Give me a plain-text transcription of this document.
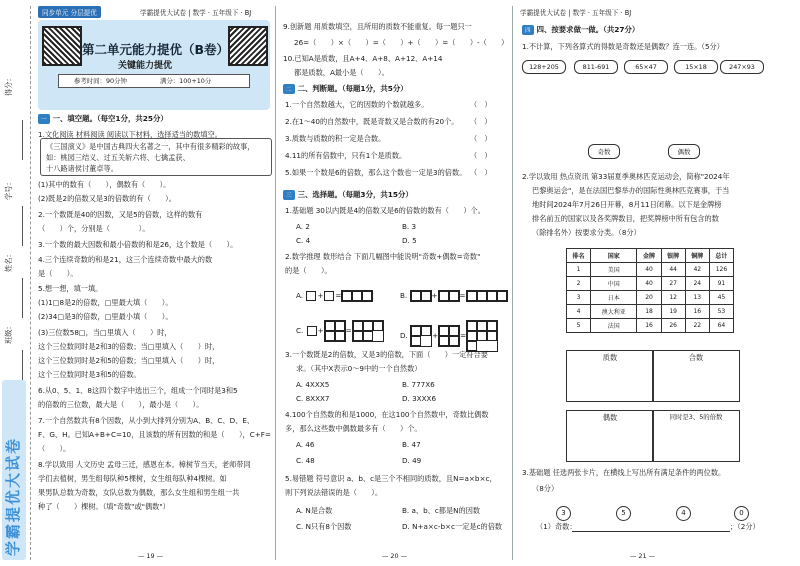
得分：
学号：
姓名：
班级：
学霸提优大试卷
同步单元 分层提优	学霸提优大试卷 | 数学 · 五年级下 · BJ
第二单元能力提优（B卷）
关键能力提优
参考时间：90分钟	满分：100+10分
一 一、填空题。（每空1分，共25分）
1.文化阅读 材料阅读 阅读以下材料，选择适当的数填空。
《三国演义》是中国古典四大名著之一，其中有很多精彩的故事，
如：桃园三结义、过五关斩六将、七擒孟获、
十八路诸侯讨董卓等。
(1)其中的数有（　　），偶数有（　　）。
(2)既是2的倍数又是3的倍数的有（　　）。
2.一个数既是40的因数，又是5的倍数，这样的数有
（　　）个，分别是（　　　　）。
3.一个数的最大因数和最小倍数的和是26，这个数是（　　）。
4.三个连续奇数的和是21，这三个连续奇数中最大的数
是（　　）。
5.想一想，填一填。
(1)1□8是2的倍数，□里最大填（　　）。
(2)34□是3的倍数，□里最小填（　　）。
(3)三位数58□，当□里填入（　　）时，
这个三位数同时是2和3的倍数；当□里填入（　　）时，
这个三位数同时是2和5的倍数；当□里填入（　　）时，
这个三位数同时是3和5的倍数。
6.从0、5、1、8这四个数字中选出三个，组成一个同时是3和5
的倍数的三位数，最大是（　　），最小是（　　）。
7.一个自然数共有8个因数，从小到大排列分别为A、B、C、D、E、
F、G、H。已知A+B+C=10，且该数的所有因数的和是（　　），C+F=
（　　）。
8.学以致用 人文历史 孟母三迁，感恩在本。樟树节当天，老师带同
学们去植树，男生组每队种5棵树，女生组每队种4棵树。如
果男队总数为奇数，女队总数为偶数，那么女生组和男生组一共
种了（　　）棵树。（填"奇数"或"偶数"）
— 19 —
学霸提优大试卷 | 数学 · 五年级下 · BJ
9.创新题 用质数填空，且所用的质数不能重复。每一题只一
26=（　　）×（　　）=（　　）+（　　）=（　　）-（　　）
10.已知A是质数，且A+4、A+8、A+12、A+14
都是质数，A最小是（　　）。
二 二、判断题。（每题1分，共5分）
1.一个自然数越大，它的因数的个数就越多。	（　）
2.在1～40的自然数中，既是奇数又是合数的有20个。 （　）
3.质数与质数的积一定是合数。	（　）
4.11的所有倍数中，只有1个是质数。	（　）
5.如果一个数是6的倍数，那么这个数也一定是3的倍数。 （　）
三 三、选择题。（每题3分，共15分）
1.基础题 30以内既是4的倍数又是6的倍数的数有（　　）个。
A. 2	B. 3
C. 4	D. 5
2.数学推理 数形结合 下面几幅图中能说明"奇数+偶数=奇数"
的是（　　）。
A. + =	B.	+	=
C. +	=
D.	+	=
3.一个数既是2的倍数，又是3的倍数，下面（　　）一定符合要
求。（其中X表示0～9中的一个自然数）
A. 4XXX5	B. 777X6
C. 8XXX7	D. 3XXX6
4.100个自然数的和是1000，在这100个自然数中，奇数比偶数
多，那么这些数中偶数最多有（　　）个。
A. 46	B. 47
C. 48	D. 49
5.易错题 符号意识 a、b、c是三个不相同的质数，且N=a×b×c，
则下列说法错误的是（　　）。
A. N是合数	B. a、b、c都是N的因数
C. N只有8个因数	D. N+a×c-b×c一定是c的倍数
— 20 —
四 四、按要求做一做。（共27分）
1.不计算，下列各算式的得数是奇数还是偶数？连一连。（5分）
128+205	811-691	65×47	15×18	247×93
奇数	偶数
2.学以致用 热点资讯 第33届夏季奥林匹克运动会，简称"2024年
巴黎奥运会"，是在法国巴黎举办的国际性奥林匹克赛事，于当
地时间2024年7月26日开幕，8月11日闭幕。以下是金牌榜
排名前五的国家以及各奖牌数目，把奖牌榜中所有包含的数
（除排名外）按要求分类。（8分）
排名	国家	金牌	银牌	铜牌	总计
1	美国	40	44	42	126
2	中国	40	27	24	91
3	日本	20	12	13	45
4	澳大利亚	18	19	16	53
5	法国	16	26	22	64
质数	合数
偶数	同时是3、5的倍数
3.基础题 任选两张卡片，在横线上写出所有满足条件的两位数。
（8分）
3	5	4	0
（1）奇数：	；（2分）
— 21 —
